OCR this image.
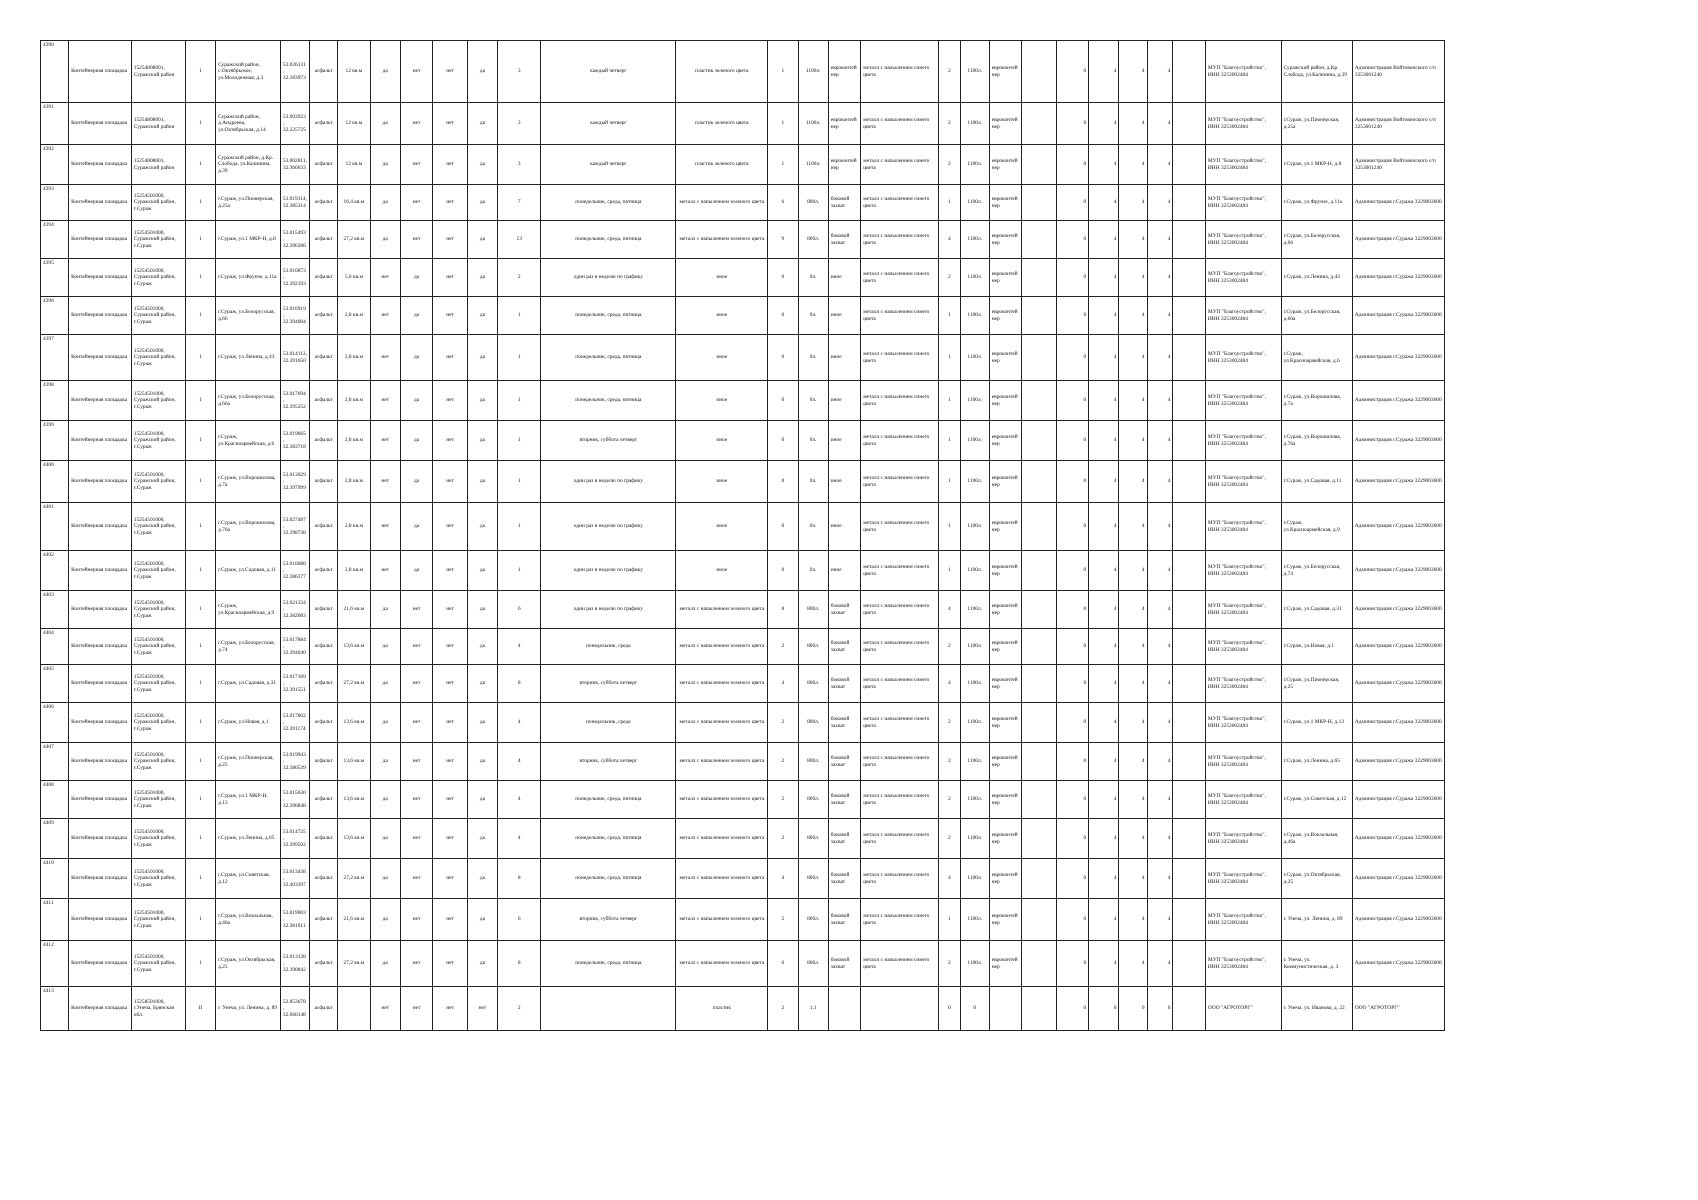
4390	Контейнерная площадка	15254808001, Суражский район	1	Суражский район, с.Октябрьское, ул.Молодежная, д.3	53.026131, 32.183973	асфальт	12 кв.м	да	нет	нет	да	3	каждый четверг	пластик зеленого цвета	1	1100л.	евроконтейнер	металл с напылением синего цвета	2	1100л.	евроконтейнер		0	4	4	4		МУП "Благоустройство", ИНН 3253002484	Суражский район, д.Кр. Слобода, ул.Калинина, д.39	Администрация Войтовичского с/п 3253001240
4391	Контейнерная площадка	15254808001, Суражский район	1	Суражский район, д.Андреева, ул.Октябрьская, д.14	53.003923, 32.225725	асфальт	12 кв.м	да	нет	нет	да	3	каждый четверг	пластик зеленого цвета	1	1100л.	евроконтейнер	металл с напылением синего цвета	2	1100л.	евроконтейнер		0	4	4	4		МУП "Благоустройство", ИНН 3253002484	г.Сураж, ул.Пионерская, д.25а	Администрация Войтовичского с/п 3253001240
4392	Контейнерная площадка	15254808001, Суражский район	1	Суражский район, д.Кр. Слобода, ул.Калинина, д.39	53.002811, 32.366633	асфальт	12 кв.м	да	нет	нет	да	3	каждый четверг	пластик зеленого цвета	1	1100л.	евроконтейнер	металл с напылением синего цвета	2	1100л.	евроконтейнер		0	4	4	4		МУП "Благоустройство", ИНН 3253002484	г.Сураж, ул.1 МКР-Н, д.8	Администрация Войтовичского с/п 3253001240
4393	Контейнерная площадка	15254501000, Суражский район, г.Сураж	1	г.Сураж, ул.Пионерская, д.25а	53.019114, 32.385314	асфальт	16,4 кв.м	да	нет	нет	да	7	понедельник, среда, пятница	металл с напылением зеленого цвета	6	800л.	боковой захват	металл с напылением синего цвета	1	1100л.	евроконтейнер		0	4	4	4		МУП "Благоустройство", ИНН 3253002484	г.Сураж, ул.Фрунзе, д.11а	Администрация г.Суража 3229003600
4394	Контейнерная площадка	15254501000, Суражский район, г.Сураж	1	г.Сураж, ул.1 МКР-Н, д.8	53.015493, 32.396286	асфальт	27,2 кв.м	да	нет	нет	да	13	понедельник, среда, пятница	металл с напылением зеленого цвета	9	800л.	боковой захват	металл с напылением синего цвета	4	1100л.	евроконтейнер		0	4	4	4		МУП "Благоустройство", ИНН 3253002484	г.Сураж, ул.Белорусская, д.66	Администрация г.Суража 3229003600
4395	Контейнерная площадка	15254501000, Суражский район, г.Сураж	1	г.Сураж, ул.Фрунзе, д.11а	53.010873, 32.392193	асфальт	5,6 кв.м	нет	да	нет	да	2	один раз в неделю по графику	иное	0	0л.	иное	металл с напылением синего цвета	2	1100л.	евроконтейнер		0	4	4	4		МУП "Благоустройство", ИНН 3253002484	г.Сураж, ул.Ленина, д.43	Администрация г.Суража 3229003600
4396	Контейнерная площадка	15254501000, Суражский район, г.Сураж	1	г.Сураж, ул.Белорусская, д.66	53.016919, 32.394004	асфальт	2,8 кв.м	нет	да	нет	да	1	понедельник, среда, пятница	иное	0	0л.	иное	металл с напылением синего цвета	1	1100л.	евроконтейнер		0	4	4	4		МУП "Благоустройство", ИНН 3253002484	г.Сураж, ул.Белорусская, д.66а	Администрация г.Суража 3229003600
4397	Контейнерная площадка	15254501000, Суражский район, г.Сураж	1	г.Сураж, ул.Ленина, д.43	53.014113, 32.391650	асфальт	2,8 кв.м	нет	да	нет	да	1	понедельник, среда, пятница	иное	0	0л.	иное	металл с напылением синего цвета	1	1100л.	евроконтейнер		0	4	4	4		МУП "Благоустройство", ИНН 3253002484	г.Сураж, ул.Красноармейская, д.6	Администрация г.Суража 3229003600
4398	Контейнерная площадка	15254501000, Суражский район, г.Сураж	1	г.Сураж, ул.Белорусская, д.66а	53.017694, 32.395252	асфальт	2,8 кв.м	нет	да	нет	да	1	понедельник, среда, пятница	иное	0	0л.	иное	металл с напылением синего цвета	1	1100л.	евроконтейнер		0	4	4	4		МУП "Благоустройство", ИНН 3253002484	г.Сураж, ул.Ворошилова, д.7а	Администрация г.Суража 3229003600
4399	Контейнерная площадка	15254501000, Суражский район, г.Сураж	1	г.Сураж, ул.Красноармейская, д.6	53.019665, 32.383718	асфальт	2,8 кв.м	нет	да	нет	да	1	вторник, суббота четверг	иное	0	0л.	иное	металл с напылением синего цвета	1	1100л.	евроконтейнер		0	4	4	4		МУП "Благоустройство", ИНН 3253002484	г.Сураж, ул.Ворошилова, д.76а	Администрация г.Суража 3229003600
4400	Контейнерная площадка	15254501000, Суражский район, г.Сураж	1	г.Сураж, ул.Ворошилова, д.7а	53.013029, 32.397999	асфальт	2,8 кв.м	нет	да	нет	да	1	один раз в неделю по графику	иное	0	0л.	иное	металл с напылением синего цвета	1	1100л.	евроконтейнер		0	4	4	4		МУП "Благоустройство", ИНН 3253002484	г.Сураж, ул.Садовая, д.11	Администрация г.Суража 3229003600
4401	Контейнерная площадка	15254501000, Суражский район, г.Сураж	1	г.Сураж, ул.Ворошилова, д.76а	53.027487, 32.398738	асфальт	2,8 кв.м	нет	да	нет	да	1	один раз в неделю по графику	иное	0	0л.	иное	металл с напылением синего цвета	1	1100л.	евроконтейнер		0	4	4	4		МУП "Благоустройство", ИНН 3253002484	г.Сураж, ул.Красноармейская, д.9	Администрация г.Суража 3229003600
4402	Контейнерная площадка	15254501000, Суражский район, г.Сураж	1	г.Сураж, ул.Садовая, д.11	53.016686, 32.386377	асфальт	2,8 кв.м	нет	да	нет	да	1	один раз в неделю по графику	иное	0	0л.	иное	металл с напылением синего цвета	1	1100л.	евроконтейнер		0	4	4	4		МУП "Благоустройство", ИНН 3253002484	г.Сураж, ул.Белорусская, д.74	Администрация г.Суража 3229003600
4403	Контейнерная площадка	15254501000, Суражский район, г.Сураж	1	г.Сураж, ул.Красноармейская, д.9	53.021334, 32.382083	асфальт	21,6 кв.м	да	нет	нет	да	6	один раз в неделю по графику	металл с напылением зеленого цвета	8	800л.	боковой захват	металл с напылением синего цвета	4	1100л.	евроконтейнер		0	4	4	4		МУП "Благоустройство", ИНН 3253002484	г.Сураж, ул.Садовая, д.31	Администрация г.Суража 3229003600
4404	Контейнерная площадка	15254501000, Суражский район, г.Сураж	1	г.Сураж, ул.Белорусская, д.74	53.017884, 32.394040	асфальт	13,6 кв.м	да	нет	нет	да	4	понедельник, среда	металл с напылением зеленого цвета	2	800л.	боковой захват	металл с напылением синего цвета	2	1100л.	евроконтейнер		0	4	4	4		МУП "Благоустройство", ИНН 3253002484	г.Сураж, ул.Новая, д.1	Администрация г.Суража 3229003600
4405	Контейнерная площадка	15254501000, Суражский район, г.Сураж	1	г.Сураж, ул.Садовая, д.31	53.017169, 32.391551	асфальт	27,2 кв.м	да	нет	нет	да	8	вторник, суббота четверг	металл с напылением зеленого цвета	4	800л.	боковой захват	металл с напылением синего цвета	4	1100л.	евроконтейнер		0	4	4	4		МУП "Благоустройство", ИНН 3253002484	г.Сураж, ул.Пионерская, д.25	Администрация г.Суража 3229003600
4406	Контейнерная площадка	15254501000, Суражский район, г.Сураж	1	г.Сураж, ул.Новая, д.1	53.017802, 32.391174	асфальт	13,6 кв.м	да	нет	нет	да	4	понедельник, среда	металл с напылением зеленого цвета	2	800л.	боковой захват	металл с напылением синего цвета	2	1100л.	евроконтейнер		0	4	4	4		МУП "Благоустройство", ИНН 3253002484	г.Сураж, ул.1 МКР-Н, д.13	Администрация г.Суража 3229003600
4407	Контейнерная площадка	15254501000, Суражский район, г.Сураж	1	г.Сураж, ул.Пионерская, д.25	53.019943, 32.386539	асфальт	13,6 кв.м	да	нет	нет	да	4	вторник, суббота четверг	металл с напылением зеленого цвета	2	800л.	боковой захват	металл с напылением синего цвета	2	1100л.	евроконтейнер		0	4	4	4		МУП "Благоустройство", ИНН 3253002484	г.Сураж, ул.Ленина, д.65	Администрация г.Суража 3229003600
4408	Контейнерная площадка	15254501000, Суражский район, г.Сураж	1	г.Сураж, ул.1 МКР-Н, д.13	53.015630, 32.396848	асфальт	13,6 кв.м	да	нет	нет	да	4	понедельник, среда, пятница	металл с напылением зеленого цвета	2	800л.	боковой захват	металл с напылением синего цвета	2	1100л.	евроконтейнер		0	4	4	4		МУП "Благоустройство", ИНН 3253002484	г.Сураж, ул.Советская, д.12	Администрация г.Суража 3229003600
4409	Контейнерная площадка	15254501000, Суражский район, г.Сураж	1	г.Сураж, ул.Ленина, д.65	53.014725, 32.399502	асфальт	13,6 кв.м	да	нет	нет	да	4	понедельник, среда, пятница	металл с напылением зеленого цвета	2	800л.	боковой захват	металл с напылением синего цвета	2	1100л.	евроконтейнер		0	4	4	4		МУП "Благоустройство", ИНН 3253002484	г.Сураж, ул.Вокзальная, д.46а	Администрация г.Суража 3229003600
4410	Контейнерная площадка	15254501000, Суражский район, г.Сураж	1	г.Сураж, ул.Советская, д.12	53.013438, 32.403397	асфальт	27,2 кв.м	да	нет	нет	да	8	понедельник, среда, пятница	металл с напылением зеленого цвета	4	800л.	боковой захват	металл с напылением синего цвета	4	1100л.	евроконтейнер		0	4	4	4		МУП "Благоустройство", ИНН 3253002484	г.Сураж, ул.Октябрьская, д.25	Администрация г.Суража 3229003600
4411	Контейнерная площадка	15254501000, Суражский район, г.Сураж	1	г.Сураж, ул.Вокзальная, д.46а	53.019003, 32.381911	асфальт	21,6 кв.м	да	нет	нет	да	6	вторник, суббота четверг	металл с напылением зеленого цвета	5	800л.	боковой захват	металл с напылением синего цвета	1	1100л.	евроконтейнер		0	4	4	4		МУП "Благоустройство", ИНН 3253002484	г. Унеча, ул. Ленина, д. 89	Администрация г.Суража 3229003600
4412	Контейнерная площадка	15254501000, Суражский район, г.Сураж	1	г.Сураж, ул.Октябрьская, д.25	53.013138, 32.390842	асфальт	27,2 кв.м	да	нет	нет	да	8	понедельник, среда, пятница	металл с напылением зеленого цвета	6	800л.	боковой захват	металл с напылением синего цвета	2	1100л.	евроконтейнер		0	4	4	4		МУП "Благоустройство", ИНН 3253002484	г. Унеча, ул. Коммунистическая, д. 3	Администрация г.Суража 3229003600
4413	Контейнерная площадка	15258501000, г.Унеча, Брянская обл.	II	г. Унеча, ул. Ленина, д. 89	52.853678, 32.660148	асфальт		нет	нет	нет	нет	2		пластик	2	1,1			0	0			0	0	0	0		ООО "АГРОТОРГ"	г. Унеча, ул. Иванова, д. 22	ООО "АГРОТОРГ"
